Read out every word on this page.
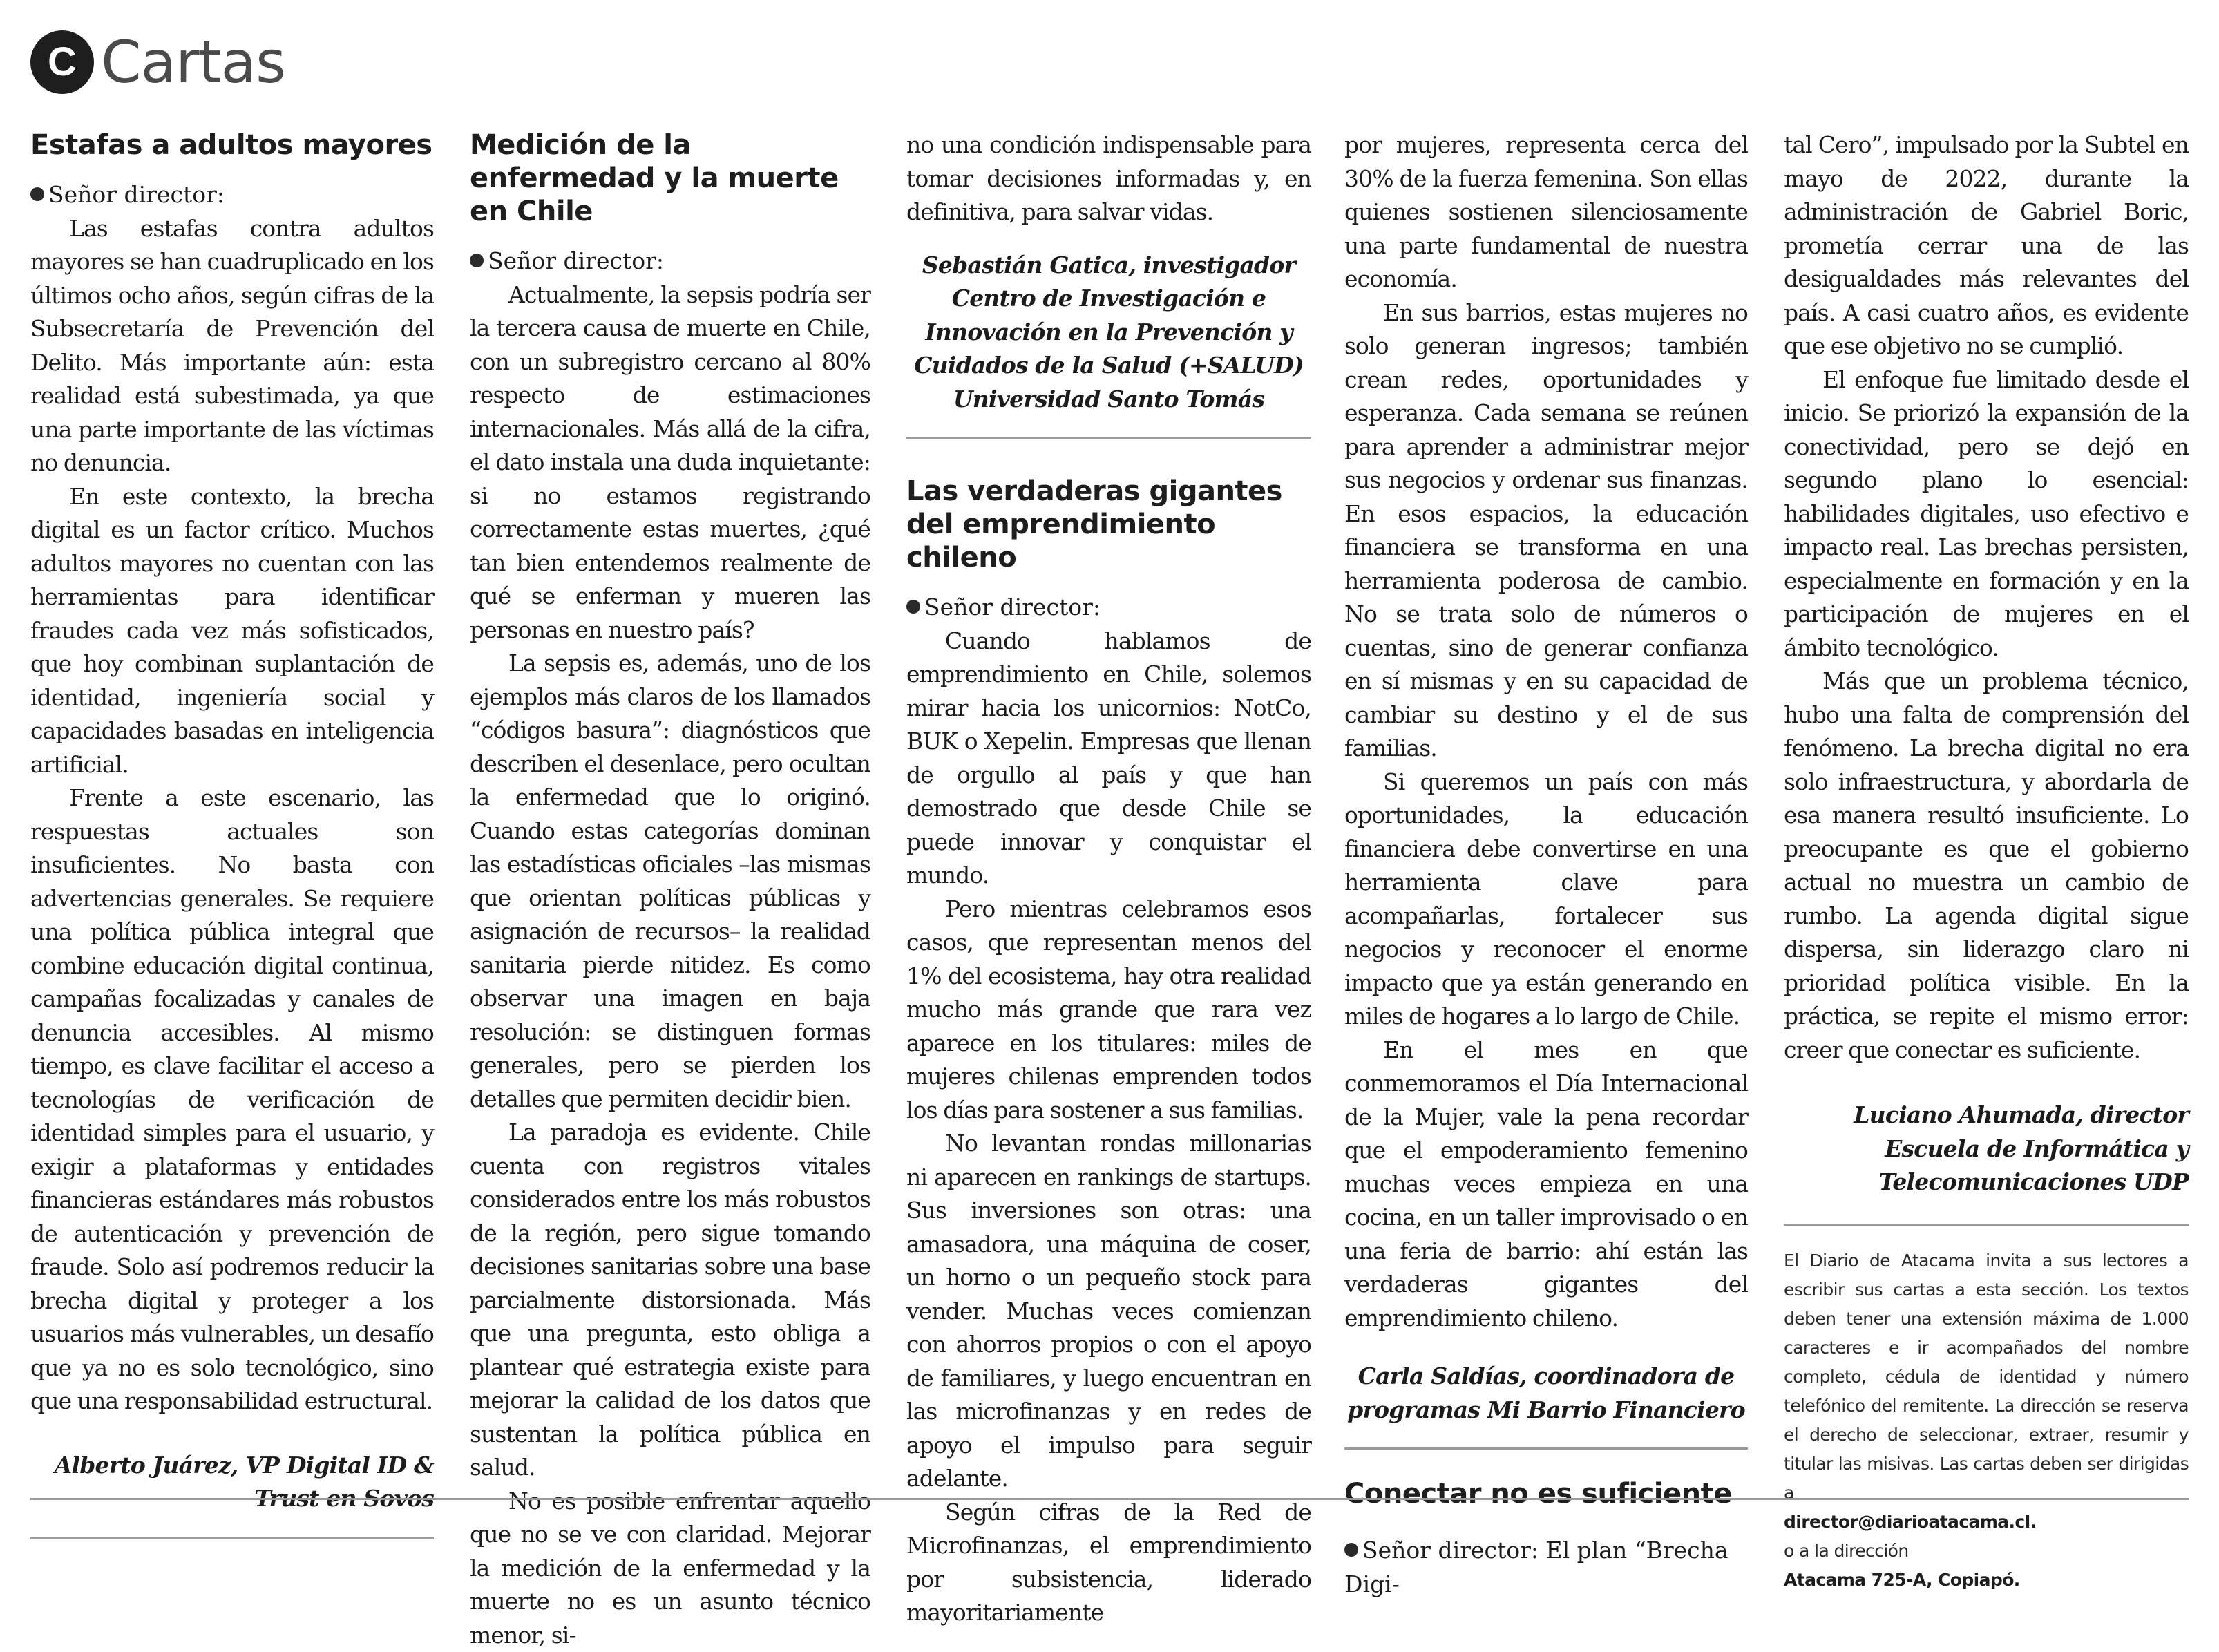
C Cartas
Estafas a adultos mayores

Señor director:

Las estafas contra adultos mayores se han cuadruplicado en los últimos ocho años, según cifras de la Subsecretaría de Prevención del Delito. Más importante aún: esta realidad está subestimada, ya que una parte importante de las víctimas no denuncia.

En este contexto, la brecha digital es un factor crítico. Muchos adultos mayores no cuentan con las herramientas para identificar fraudes cada vez más sofisticados, que hoy combinan suplantación de identidad, ingeniería social y capacidades basadas en inteligencia artificial.

Frente a este escenario, las respuestas actuales son insuficientes. No basta con advertencias generales. Se requiere una política pública integral que combine educación digital continua, campañas focalizadas y canales de denuncia accesibles. Al mismo tiempo, es clave facilitar el acceso a tecnologías de verificación de identidad simples para el usuario, y exigir a plataformas y entidades financieras estándares más robustos de autenticación y prevención de fraude. Solo así podremos reducir la brecha digital y proteger a los usuarios más vulnerables, un desafío que ya no es solo tecnológico, sino que una responsabilidad estructural.

Alberto Juárez, VP Digital ID & Trust en Sovos

Medición de la enfermedad y la muerte en Chile

Señor director:

Actualmente, la sepsis podría ser la tercera causa de muerte en Chile, con un subregistro cercano al 80% respecto de estimaciones internacionales. Más allá de la cifra, el dato instala una duda inquietante: si no estamos registrando correctamente estas muertes, ¿qué tan bien entendemos realmente de qué se enferman y mueren las personas en nuestro país?

La sepsis es, además, uno de los ejemplos más claros de los llamados “códigos basura”: diagnósticos que describen el desenlace, pero ocultan la enfermedad que lo originó. Cuando estas categorías dominan las estadísticas oficiales –las mismas que orientan políticas públicas y asignación de recursos– la realidad sanitaria pierde nitidez. Es como observar una imagen en baja resolución: se distinguen formas generales, pero se pierden los detalles que permiten decidir bien.

La paradoja es evidente. Chile cuenta con registros vitales considerados entre los más robustos de la región, pero sigue tomando decisiones sanitarias sobre una base parcialmente distorsionada. Más que una pregunta, esto obliga a plantear qué estrategia existe para mejorar la calidad de los datos que sustentan la política pública en salud.

No es posible enfrentar aquello que no se ve con claridad. Mejorar la medición de la enfermedad y la muerte no es un asunto técnico menor, si-

no una condición indispensable para tomar decisiones informadas y, en definitiva, para salvar vidas.

Sebastián Gatica, investigador Centro de Investigación e Innovación en la Prevención y Cuidados de la Salud (+SALUD) Universidad Santo Tomás

Las verdaderas gigantes del emprendimiento chileno

Señor director:

Cuando hablamos de emprendimiento en Chile, solemos mirar hacia los unicornios: NotCo, BUK o Xepelin. Empresas que llenan de orgullo al país y que han demostrado que desde Chile se puede innovar y conquistar el mundo.

Pero mientras celebramos esos casos, que representan menos del 1% del ecosistema, hay otra realidad mucho más grande que rara vez aparece en los titulares: miles de mujeres chilenas emprenden todos los días para sostener a sus familias.

No levantan rondas millonarias ni aparecen en rankings de startups. Sus inversiones son otras: una amasadora, una máquina de coser, un horno o un pequeño stock para vender. Muchas veces comienzan con ahorros propios o con el apoyo de familiares, y luego encuentran en las microfinanzas y en redes de apoyo el impulso para seguir adelante.

Según cifras de la Red de Microfinanzas, el emprendimiento por subsistencia, liderado mayoritariamente

por mujeres, representa cerca del 30% de la fuerza femenina. Son ellas quienes sostienen silenciosamente una parte fundamental de nuestra economía.

En sus barrios, estas mujeres no solo generan ingresos; también crean redes, oportunidades y esperanza. Cada semana se reúnen para aprender a administrar mejor sus negocios y ordenar sus finanzas. En esos espacios, la educación financiera se transforma en una herramienta poderosa de cambio. No se trata solo de números o cuentas, sino de generar confianza en sí mismas y en su capacidad de cambiar su destino y el de sus familias.

Si queremos un país con más oportunidades, la educación financiera debe convertirse en una herramienta clave para acompañarlas, fortalecer sus negocios y reconocer el enorme impacto que ya están generando en miles de hogares a lo largo de Chile.

En el mes en que conmemoramos el Día Internacional de la Mujer, vale la pena recordar que el empoderamiento femenino muchas veces empieza en una cocina, en un taller improvisado o en una feria de barrio: ahí están las verdaderas gigantes del emprendimiento chileno.

Carla Saldías, coordinadora de programas Mi Barrio Financiero

Conectar no es suficiente

Señor director: El plan “Brecha Digi-

tal Cero”, impulsado por la Subtel en mayo de 2022, durante la administración de Gabriel Boric, prometía cerrar una de las desigualdades más relevantes del país. A casi cuatro años, es evidente que ese objetivo no se cumplió.

El enfoque fue limitado desde el inicio. Se priorizó la expansión de la conectividad, pero se dejó en segundo plano lo esencial: habilidades digitales, uso efectivo e impacto real. Las brechas persisten, especialmente en formación y en la participación de mujeres en el ámbito tecnológico.

Más que un problema técnico, hubo una falta de comprensión del fenómeno. La brecha digital no era solo infraestructura, y abordarla de esa manera resultó insuficiente. Lo preocupante es que el gobierno actual no muestra un cambio de rumbo. La agenda digital sigue dispersa, sin liderazgo claro ni prioridad política visible. En la práctica, se repite el mismo error: creer que conectar es suficiente.

Luciano Ahumada, director Escuela de Informática y Telecomunicaciones UDP

El Diario de Atacama invita a sus lectores a escribir sus cartas a esta sección. Los textos deben tener una extensión máxima de 1.000 caracteres e ir acompañados del nombre completo, cédula de identidad y número telefónico del remitente. La dirección se reserva el derecho de seleccionar, extraer, resumir y titular las misivas. Las cartas deben ser dirigidas a
director@diarioatacama.cl.
o a la dirección
Atacama 725-A, Copiapó.
